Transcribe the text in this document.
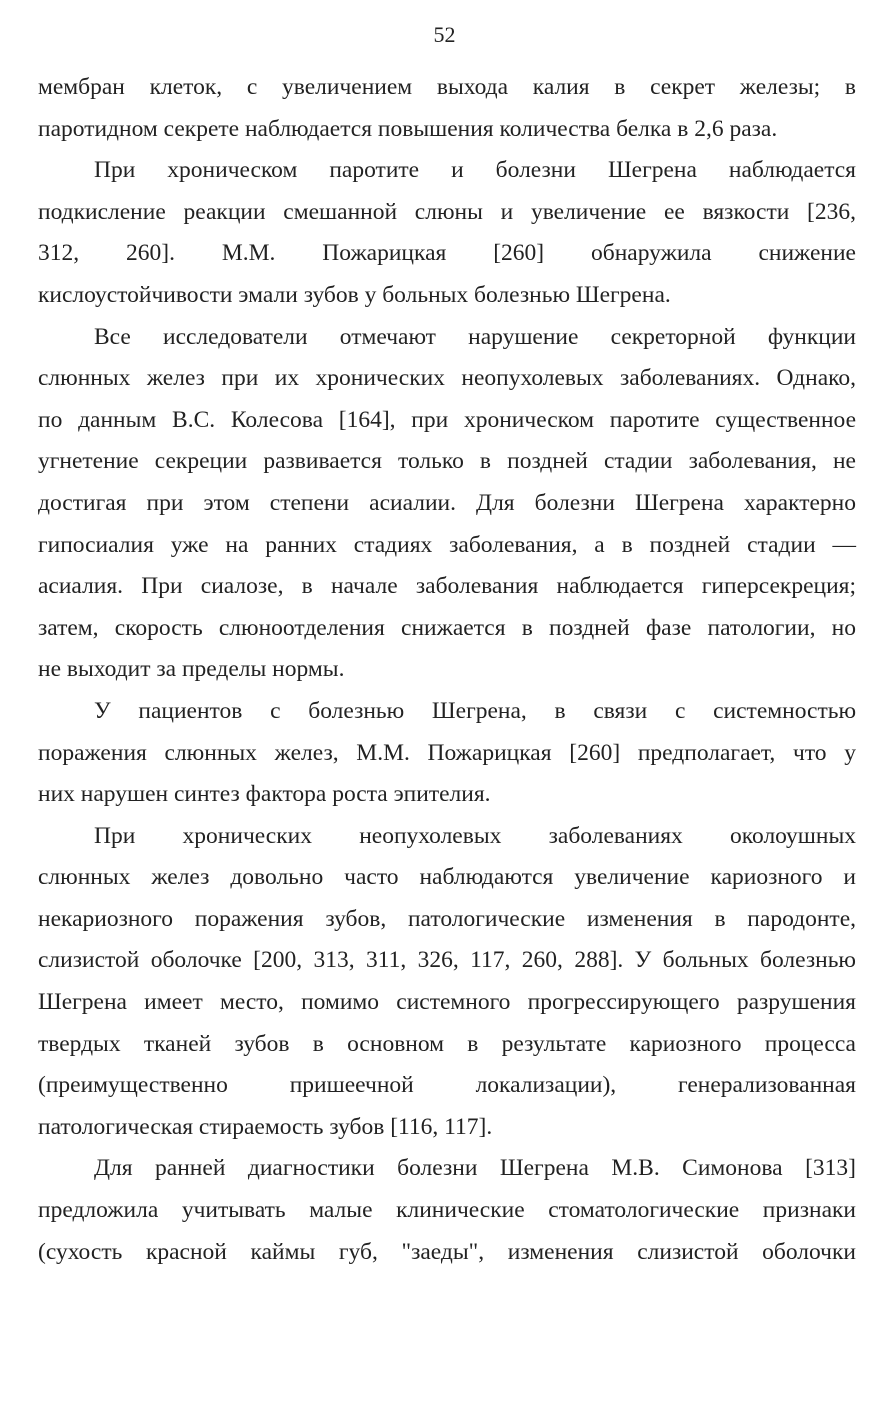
52
мембран клеток, с увеличением выхода калия в секрет железы; в
паротидном секрете наблюдается повышения количества белка в 2,6 раза.
При хроническом паротите и болезни Шегрена наблюдается
подкисление реакции смешанной слюны и увеличение ее вязкости [236,
312, 260]. М.М. Пожарицкая [260] обнаружила снижение
кислоустойчивости эмали зубов у больных болезнью Шегрена.
Все исследователи отмечают нарушение секреторной функции
слюнных желез при их хронических неопухолевых заболеваниях. Однако,
по данным В.С. Колесова [164], при хроническом паротите существенное
угнетение секреции развивается только в поздней стадии заболевания, не
достигая при этом степени асиалии. Для болезни Шегрена характерно
гипосиалия уже на ранних стадиях заболевания, а в поздней стадии —
асиалия. При сиалозе, в начале заболевания наблюдается гиперсекреция;
затем, скорость слюноотделения снижается в поздней фазе патологии, но
не выходит за пределы нормы.
У пациентов с болезнью Шегрена, в связи с системностью
поражения слюнных желез, М.М. Пожарицкая [260] предполагает, что у
них нарушен синтез фактора роста эпителия.
При хронических неопухолевых заболеваниях околоушных
слюнных желез довольно часто наблюдаются увеличение кариозного и
некариозного поражения зубов, патологические изменения в пародонте,
слизистой оболочке [200, 313, 311, 326, 117, 260, 288]. У больных болезнью
Шегрена имеет место, помимо системного прогрессирующего разрушения
твердых тканей зубов в основном в результате кариозного процесса
(преимущественно пришеечной локализации), генерализованная
патологическая стираемость зубов [116, 117].
Для ранней диагностики болезни Шегрена М.В. Симонова [313]
предложила учитывать малые клинические стоматологические признаки
(сухость красной каймы губ, "заеды", изменения слизистой оболочки
